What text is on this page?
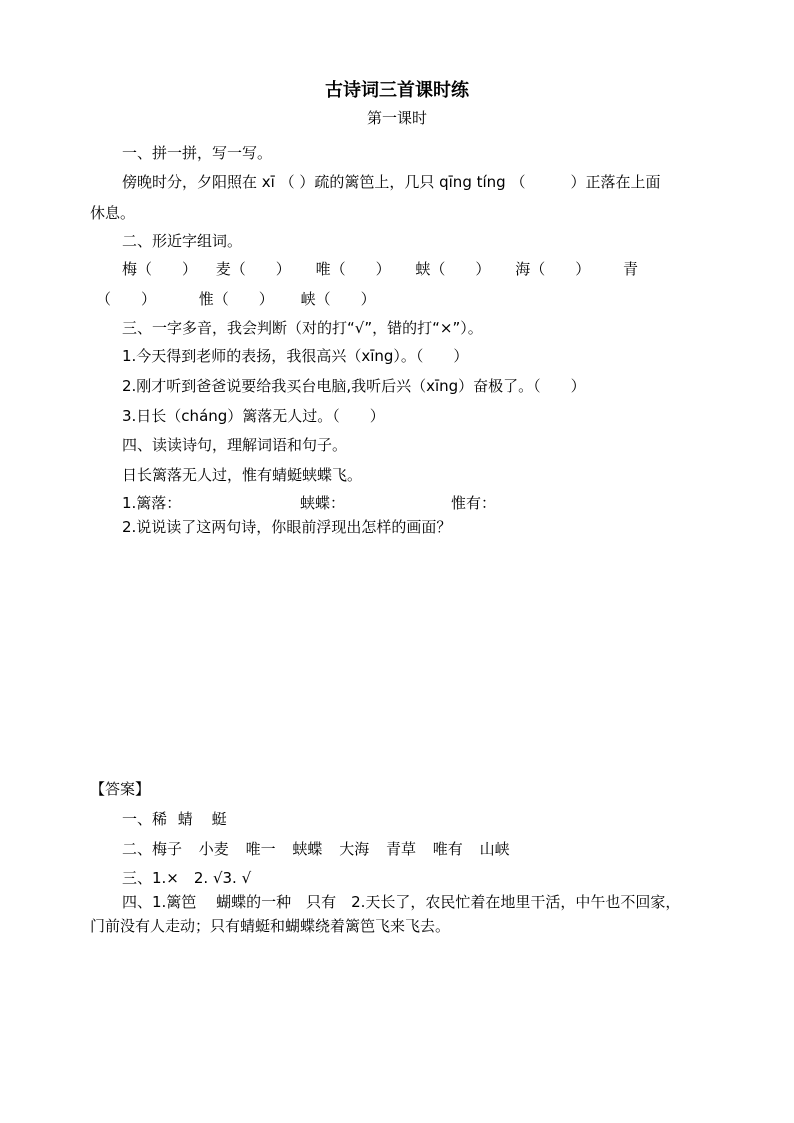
古诗词三首课时练
第一课时
一、拼一拼，写一写。
傍晚时分，夕阳照在 xī （ ）疏的篱笆上，几只 qīng tíng （　　　）正落在上面
休息。
二、形近字组词。
梅（　　） 麦（　　） 唯（　　） 蛱（　　） 海（　　） 青
（　　）	惟（　　） 峡（　　）
三、一字多音，我会判断（对的打“√”，错的打“×”）。
1.今天得到老师的表扬，我很高兴（xīng）。（　　）
2.刚才听到爸爸说要给我买台电脑,我听后兴（xīng）奋极了。（　　）
3.日长（cháng）篱落无人过。（　　）
四、读读诗句，理解词语和句子。
日长篱落无人过，惟有蜻蜓蛱蝶飞。
1.篱落：	蛱蝶：	惟有：
2.说说读了这两句诗，你眼前浮现出怎样的画面？
【答案】
一、稀 蜻 蜓
二、梅子 小麦 唯一 蛱蝶 大海 青草 唯有 山峡
三、1.×　2. √3. √
四、1.篱笆　 蝴蝶的一种　只有　2.天长了，农民忙着在地里干活，中午也不回家，
门前没有人走动；只有蜻蜓和蝴蝶绕着篱笆飞来飞去。
